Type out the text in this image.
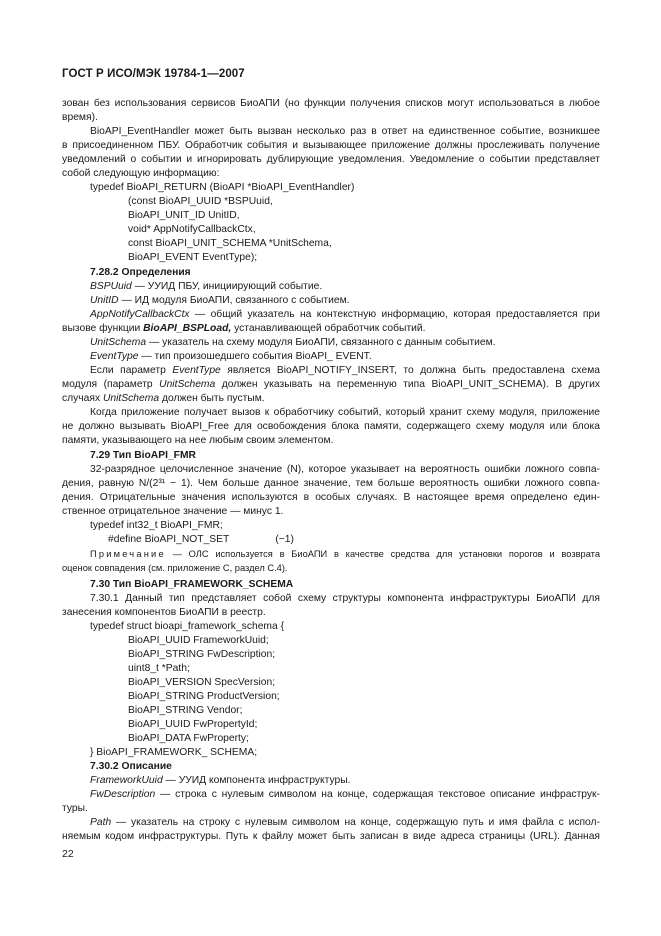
ГОСТ Р ИСО/МЭК 19784-1—2007
зован без использования сервисов БиоАПИ (но функции получения списков могут использоваться в любое
время).
BioAPI_EventHandler может быть вызван несколько раз в ответ на единственное событие, возникшее
в присоединенном ПБУ. Обработчик события и вызывающее приложение должны прослеживать получение
уведомлений о событии и игнорировать дублирующие уведомления. Уведомление о событии представляет
собой следующую информацию:
typedef BioAPI_RETURN (BioAPI *BioAPI_EventHandler)
(const BioAPI_UUID *BSPUuid,
BioAPI_UNIT_ID UnitID,
void* AppNotifyCallbackCtx,
const BioAPI_UNIT_SCHEMA *UnitSchema,
BioAPI_EVENT EventType);
7.28.2 Определения
BSPUuid — УУИД ПБУ, инициирующий событие.
UnitID — ИД модуля БиоАПИ, связанного с событием.
AppNotifyCallbackCtx — общий указатель на контекстную информацию, которая предоставляется при
вызове функции BioAPI_BSPLoad, устанавливающей обработчик событий.
UnitSchema — указатель на схему модуля БиоАПИ, связанного с данным событием.
EventType — тип произошедшего события BioAPI_ EVENT.
Если параметр EventType является BioAPI_NOTIFY_INSERT, то должна быть предоставлена схема
модуля (параметр UnitSchema должен указывать на переменную типа BioAPI_UNIT_SCHEMA). В других
случаях UnitSchema должен быть пустым.
Когда приложение получает вызов к обработчику событий, который хранит схему модуля, приложение
не должно вызывать BioAPI_Free для освобождения блока памяти, содержащего схему модуля или блока
памяти, указывающего на нее любым своим элементом.
7.29 Тип BioAPI_FMR
32-разрядное целочисленное значение (N), которое указывает на вероятность ошибки ложного совпа-
дения, равную N/(2³¹ − 1). Чем больше данное значение, тем больше вероятность ошибки ложного совпа-
дения. Отрицательные значения используются в особых случаях. В настоящее время определено един-
ственное отрицательное значение — минус 1.
typedef int32_t BioAPI_FMR;
#define BioAPI_NOT_SET	(−1)
Примечание — ОЛС используется в БиоАПИ в качестве средства для установки порогов и возврата
оценок совпадения (см. приложение С, раздел С.4).
7.30 Тип BioAPI_FRAMEWORK_SCHEMA
7.30.1 Данный тип представляет собой схему структуры компонента инфраструктуры БиоАПИ для
занесения компонентов БиоАПИ в реестр.
typedef struct bioapi_framework_schema {
BioAPI_UUID FrameworkUuid;
BioAPI_STRING FwDescription;
uint8_t *Path;
BioAPI_VERSION SpecVersion;
BioAPI_STRING ProductVersion;
BioAPI_STRING Vendor;
BioAPI_UUID FwPropertyId;
BioAPI_DATA FwProperty;
} BioAPI_FRAMEWORK_ SCHEMA;
7.30.2 Описание
FrameworkUuid — УУИД компонента инфраструктуры.
FwDescription — строка с нулевым символом на конце, содержащая текстовое описание инфраструк-
туры.
Path — указатель на строку с нулевым символом на конце, содержащую путь и имя файла с испол-
няемым кодом инфраструктуры. Путь к файлу может быть записан в виде адреса страницы (URL). Данная
22
